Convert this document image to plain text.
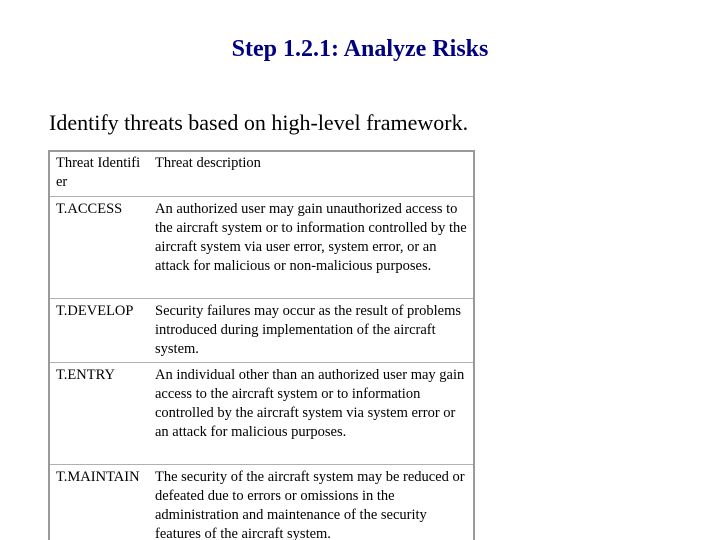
Step 1.2.1: Analyze Risks

Identify threats based on high-level framework.

Threat Identifier	Threat description
T.ACCESS	An authorized user may gain unauthorized access to the aircraft system or to information controlled by the aircraft system via user error, system error, or an attack for malicious or non-malicious purposes.
T.DEVELOP	Security failures may occur as the result of problems introduced during implementation of the aircraft system.
T.ENTRY	An individual other than an authorized user may gain access to the aircraft system or to information controlled by the aircraft system via system error or an attack for malicious purposes.
T.MAINTAIN	The security of the aircraft system may be reduced or defeated due to errors or omissions in the administration and maintenance of the security features of the aircraft system.
